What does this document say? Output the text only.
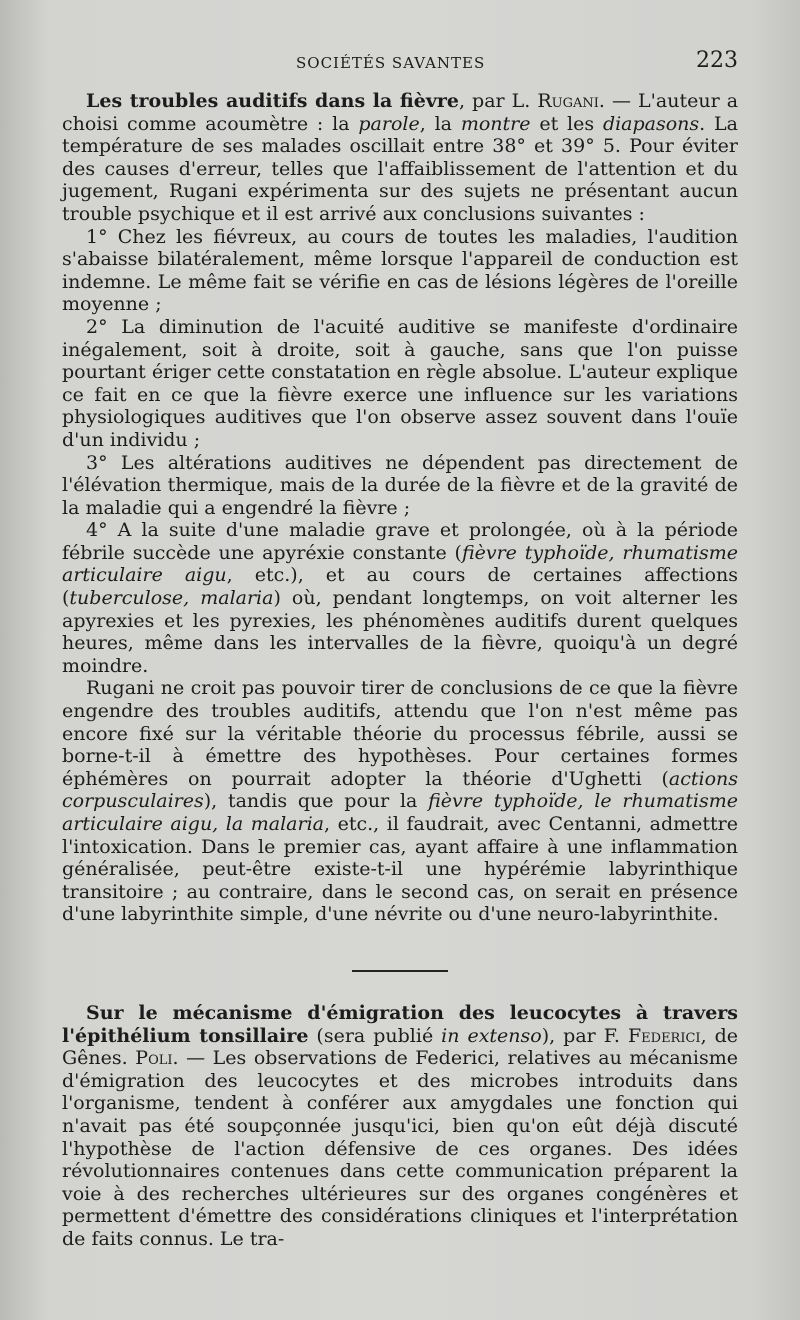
SOCIÉTÉS SAVANTES	223

Les troubles auditifs dans la fièvre, par L. Rugani. — L'auteur a choisi comme acoumètre : la parole, la montre et les diapasons. La température de ses malades oscillait entre 38° et 39° 5. Pour éviter des causes d'erreur, telles que l'affaiblissement de l'attention et du jugement, Rugani expérimenta sur des sujets ne présentant aucun trouble psychique et il est arrivé aux conclusions suivantes :

1° Chez les fiévreux, au cours de toutes les maladies, l'audition s'abaisse bilatéralement, même lorsque l'appareil de conduction est indemne. Le même fait se vérifie en cas de lésions légères de l'oreille moyenne ;

2° La diminution de l'acuité auditive se manifeste d'ordinaire inégalement, soit à droite, soit à gauche, sans que l'on puisse pourtant ériger cette constatation en règle absolue. L'auteur explique ce fait en ce que la fièvre exerce une influence sur les variations physiologiques auditives que l'on observe assez souvent dans l'ouïe d'un individu ;

3° Les altérations auditives ne dépendent pas directement de l'élévation thermique, mais de la durée de la fièvre et de la gravité de la maladie qui a engendré la fièvre ;

4° A la suite d'une maladie grave et prolongée, où à la période fébrile succède une apyréxie constante (fièvre typhoïde, rhumatisme articulaire aigu, etc.), et au cours de certaines affections (tuberculose, malaria) où, pendant longtemps, on voit alterner les apyrexies et les pyrexies, les phénomènes auditifs durent quelques heures, même dans les intervalles de la fièvre, quoiqu'à un degré moindre.

Rugani ne croit pas pouvoir tirer de conclusions de ce que la fièvre engendre des troubles auditifs, attendu que l'on n'est même pas encore fixé sur la véritable théorie du processus fébrile, aussi se borne-t-il à émettre des hypothèses. Pour certaines formes éphémères on pourrait adopter la théorie d'Ughetti (actions corpusculaires), tandis que pour la fièvre typhoïde, le rhumatisme articulaire aigu, la malaria, etc., il faudrait, avec Centanni, admettre l'intoxication. Dans le premier cas, ayant affaire à une inflammation généralisée, peut-être existe-t-il une hypérémie labyrinthique transitoire ; au contraire, dans le second cas, on serait en présence d'une labyrinthite simple, d'une névrite ou d'une neuro-labyrinthite.

Sur le mécanisme d'émigration des leucocytes à travers l'épithélium tonsillaire (sera publié in extenso), par F. Federici, de Gênes. Poli. — Les observations de Federici, relatives au mécanisme d'émigration des leucocytes et des microbes introduits dans l'organisme, tendent à conférer aux amygdales une fonction qui n'avait pas été soupçonnée jusqu'ici, bien qu'on eût déjà discuté l'hypothèse de l'action défensive de ces organes. Des idées révolutionnaires contenues dans cette communication préparent la voie à des recherches ultérieures sur des organes congénères et permettent d'émettre des considérations cliniques et l'interprétation de faits connus. Le tra-
